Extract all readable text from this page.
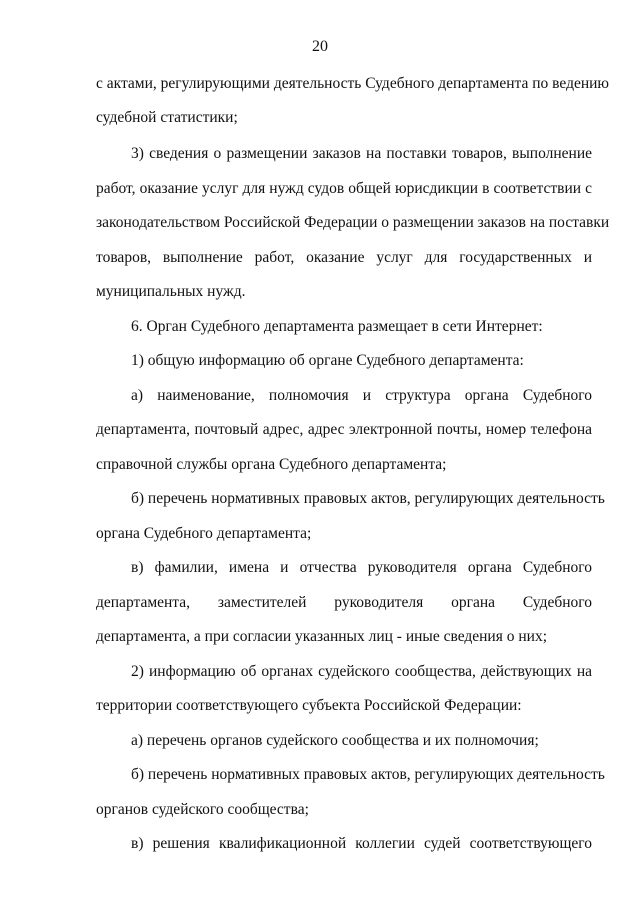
20
с актами, регулирующими деятельность Судебного департамента по ведению
судебной статистики;
3) сведения о размещении заказов на поставки товаров, выполнение
работ, оказание услуг для нужд судов общей юрисдикции в соответствии с
законодательством Российской Федерации о размещении заказов на поставки
товаров, выполнение работ, оказание услуг для государственных и
муниципальных нужд.
6. Орган Судебного департамента размещает в сети Интернет:
1) общую информацию об органе Судебного департамента:
а) наименование, полномочия и структура органа Судебного
департамента, почтовый адрес, адрес электронной почты, номер телефона
справочной службы органа Судебного департамента;
б) перечень нормативных правовых актов, регулирующих деятельность
органа Судебного департамента;
в) фамилии, имена и отчества руководителя органа Судебного
департамента, заместителей руководителя органа Судебного
департамента, а при согласии указанных лиц - иные сведения о них;
2) информацию об органах судейского сообщества, действующих на
территории соответствующего субъекта Российской Федерации:
а) перечень органов судейского сообщества и их полномочия;
б) перечень нормативных правовых актов, регулирующих деятельность
органов судейского сообщества;
в) решения квалификационной коллегии судей соответствующего
